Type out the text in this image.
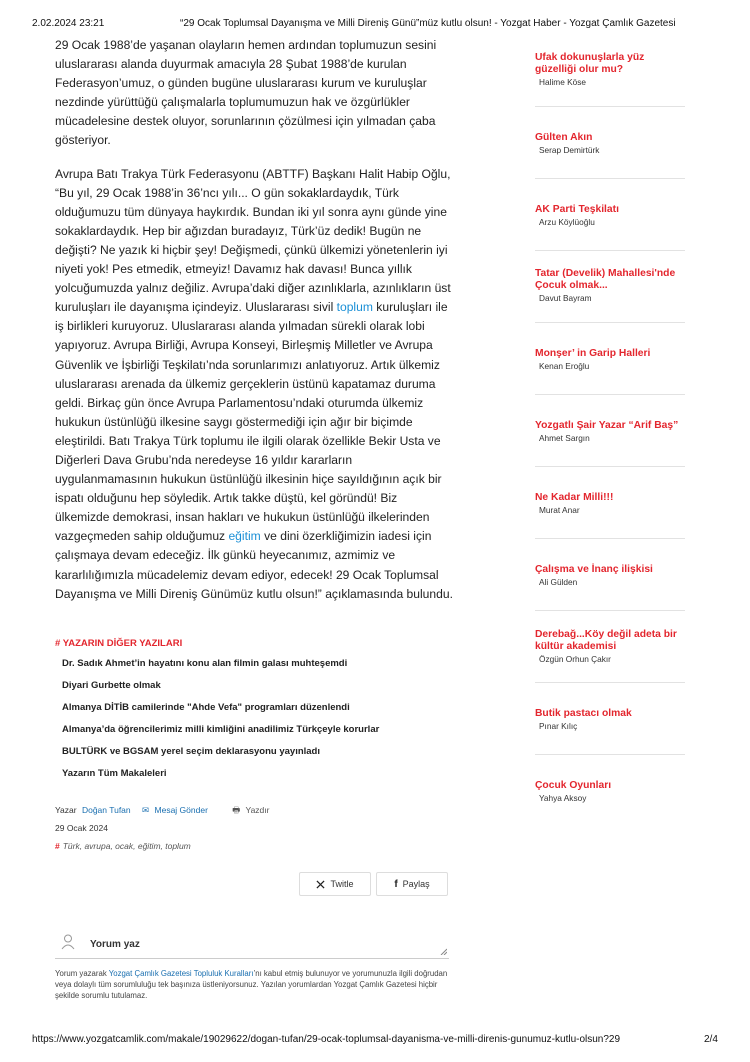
2.02.2024 23:21	“29 Ocak Toplumsal Dayanışma ve Milli Direniş Günü”müz kutlu olsun! - Yozgat Haber - Yozgat Çamlık Gazetesi

29 Ocak 1988’de yaşanan olayların hemen ardından toplumuzun sesini uluslararası alanda duyurmak amacıyla 28 Şubat 1988’de kurulan Federasyon’umuz, o günden bugüne uluslararası kurum ve kuruluşlar nezdinde yürüttüğü çalışmalarla toplumumuzun hak ve özgürlükler mücadelesine destek oluyor, sorunlarının çözülmesi için yılmadan çaba gösteriyor.

Avrupa Batı Trakya Türk Federasyonu (ABTTF) Başkanı Halit Habip Oğlu, “Bu yıl, 29 Ocak 1988’in 36’ncı yılı... O gün sokaklardaydık, Türk olduğumuzu tüm dünyaya haykırdık. Bundan iki yıl sonra aynı günde yine sokaklardaydık. Hep bir ağızdan buradayız, Türk’üz dedik! Bugün ne değişti? Ne yazık ki hiçbir şey! Değişmedi, çünkü ülkemizi yönetenlerin iyi niyeti yok! Pes etmedik, etmeyiz! Davamız hak davası! Bunca yıllık yolcuğumuzda yalnız değiliz. Avrupa’daki diğer azınlıklarla, azınlıkların üst kuruluşları ile dayanışma içindeyiz. Uluslararası sivil toplum kuruluşları ile iş birlikleri kuruyoruz. Uluslararası alanda yılmadan sürekli olarak lobi yapıyoruz. Avrupa Birliği, Avrupa Konseyi, Birleşmiş Milletler ve Avrupa Güvenlik ve İşbirliği Teşkilatı’nda sorunlarımızı anlatıyoruz. Artık ülkemiz uluslararası arenada da ülkemiz gerçeklerin üstünü kapatamaz duruma geldi. Birkaç gün önce Avrupa Parlamentosu’ndaki oturumda ülkemiz hukukun üstünlüğü ilkesine saygı göstermediği için ağır bir biçimde eleştirildi. Batı Trakya Türk toplumu ile ilgili olarak özellikle Bekir Usta ve Diğerleri Dava Grubu’nda neredeyse 16 yıldır kararların uygulanmamasının hukukun üstünlüğü ilkesinin hiçe sayıldığının açık bir ispatı olduğunu hep söyledik. Artık takke düştü, kel göründü! Biz ülkemizde demokrasi, insan hakları ve hukukun üstünlüğü ilkelerinden vazgeçmeden sahip olduğumuz eğitim ve dini özerkliğimizin iadesi için çalışmaya devam edeceğiz. İlk günkü heyecanımız, azmimiz ve kararlılığımızla mücadelemiz devam ediyor, edecek! 29 Ocak Toplumsal Dayanışma ve Milli Direniş Günümüz kutlu olsun!” açıklamasında bulundu.

# YAZARIN DİĞER YAZILARI
Dr. Sadık Ahmet’in hayatını konu alan filmin galası muhteşemdi
Diyari Gurbette olmak
Almanya DİTİB camilerinde "Ahde Vefa" programları düzenlendi
Almanya’da öğrencilerimiz milli kimliğini anadilimiz Türkçeyle korurlar
BULTÜRK ve BGSAM yerel seçim deklarasyonu yayınladı
Yazarın Tüm Makaleleri
Yazar Doğan Tufan ✉ Mesaj Gönder	🖶 Yazdır
29 Ocak 2024
# Türk, avrupa, ocak, eğitim, toplum
Twitle	f Paylaş
Yorum yaz
Yorum yazarak Yozgat Çamlık Gazetesi Topluluk Kuralları’nı kabul etmiş bulunuyor ve yorumunuzla ilgili doğrudan veya dolaylı tüm sorumluluğu tek başınıza üstleniyorsunuz. Yazılan yorumlardan Yozgat Çamlık Gazetesi hiçbir şekilde sorumlu tutulamaz.
Ufak dokunuşlarla yüz güzelliği olur mu?
Halime Köse
Gülten Akın
Serap Demirtürk
AK Parti Teşkilatı
Arzu Köylüoğlu
Tatar (Develik) Mahallesi'nde Çocuk olmak...
Davut Bayram
Monşer’ in Garip Halleri
Kenan Eroğlu
Yozgatlı Şair Yazar “Arif Baş”
Ahmet Sargın
Ne Kadar Milli!!!
Murat Anar
Çalışma ve İnanç ilişkisi
Ali Gülden
Derebağ...Köy değil adeta bir kültür akademisi
Özgün Orhun Çakır
Butik pastacı olmak
Pınar Kılıç
Çocuk Oyunları
Yahya Aksoy
https://www.yozgatcamlik.com/makale/19029622/dogan-tufan/29-ocak-toplumsal-dayanisma-ve-milli-direnis-gunumuz-kutlu-olsun?29	2/4
